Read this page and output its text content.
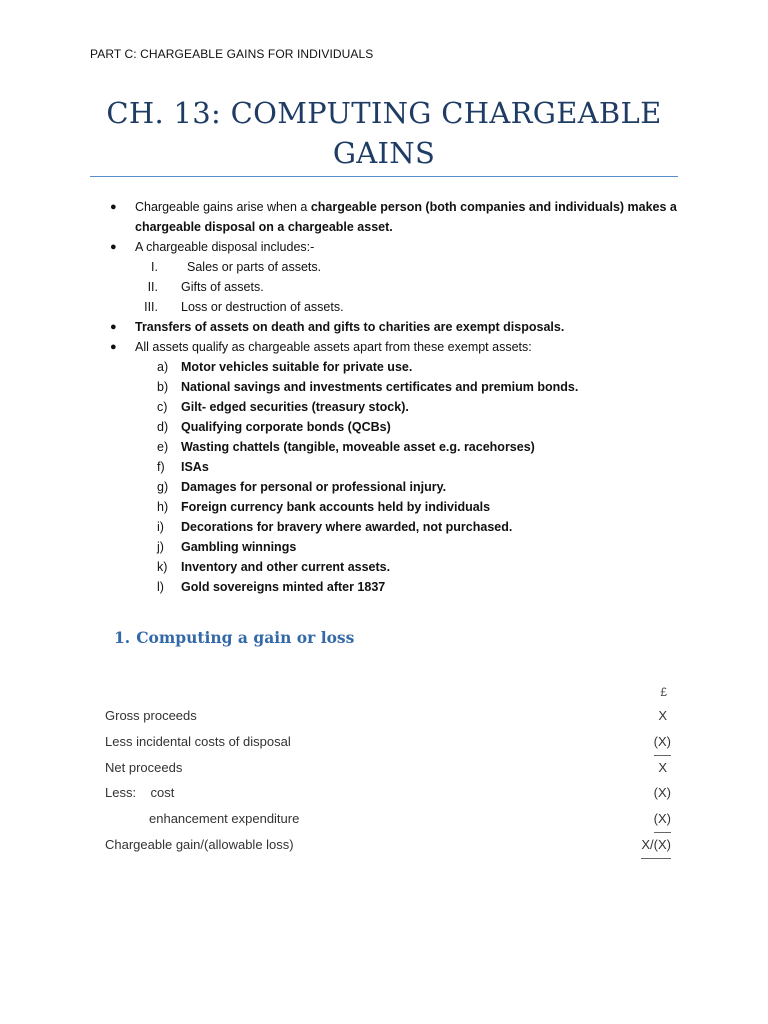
PART C: CHARGEABLE GAINS FOR INDIVIDUALS
CH. 13: COMPUTING CHARGEABLE
GAINS
● Chargeable gains arise when a chargeable person (both companies and individuals) makes a
chargeable disposal on a chargeable asset.
● A chargeable disposal includes:-
I. Sales or parts of assets.
II. Gifts of assets.
III. Loss or destruction of assets.
● Transfers of assets on death and gifts to charities are exempt disposals.
● All assets qualify as chargeable assets apart from these exempt assets:
a) Motor vehicles suitable for private use.
b) National savings and investments certificates and premium bonds.
c) Gilt- edged securities (treasury stock).
d) Qualifying corporate bonds (QCBs)
e) Wasting chattels (tangible, moveable asset e.g. racehorses)
f) ISAs
g) Damages for personal or professional injury.
h) Foreign currency bank accounts held by individuals
i) Decorations for bravery where awarded, not purchased.
j) Gambling winnings
k) Inventory and other current assets.
l) Gold sovereigns minted after 1837
1. Computing a gain or loss
£
Gross proceeds	X
Less incidental costs of disposal	(X)
Net proceeds	X
Less:    cost	(X)
enhancement expenditure	(X)
Chargeable gain/(allowable loss)	X/(X)
